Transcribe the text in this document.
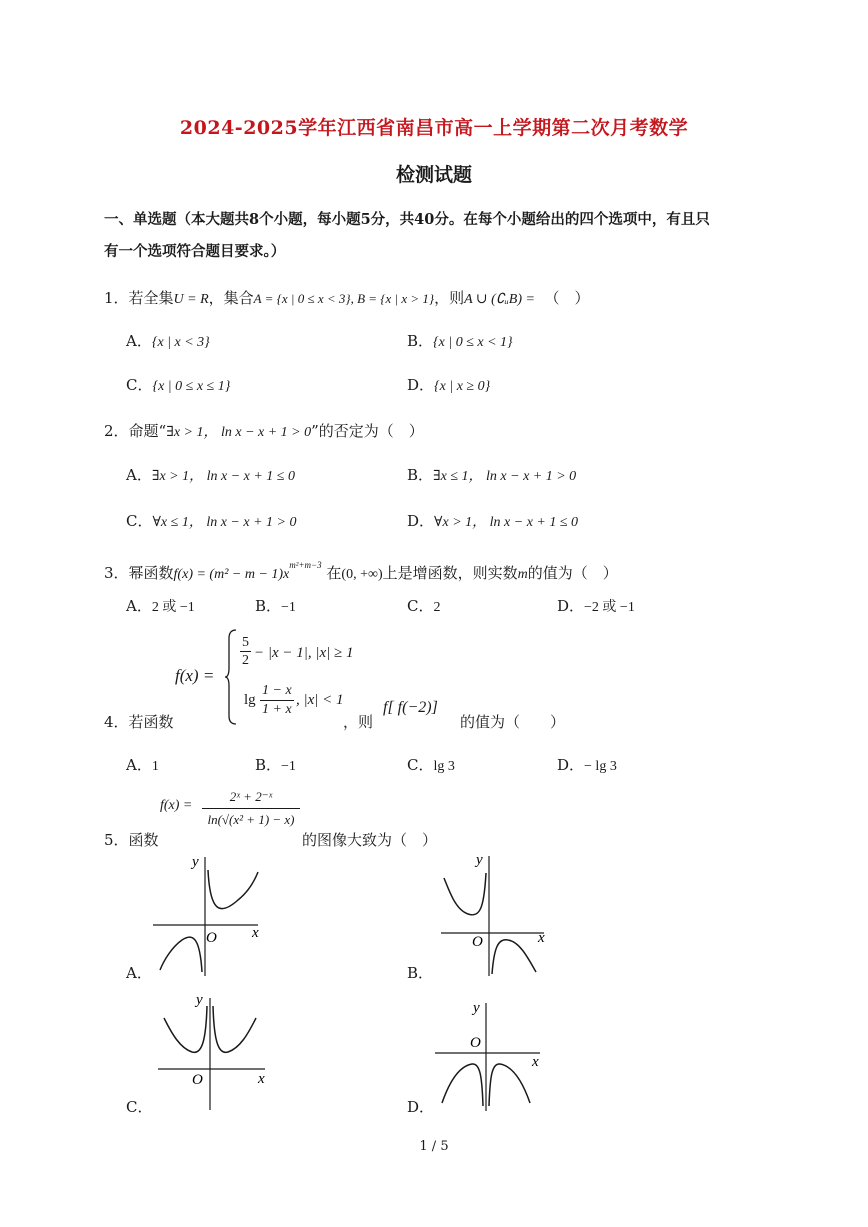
2024-2025学年江西省南昌市高一上学期第二次月考数学
检测试题
一、单选题（本大题共8个小题，每小题5分，共40分。在每个小题给出的四个选项中，有且只
有一个选项符合题目要求。）
1．若全集U = R，集合A = {x | 0 ≤ x < 3}, B = {x | x > 1}，则A ∪ (∁ᵤB) = （　）
A．{x | x < 3}	B．{x | 0 ≤ x < 1}
C．{x | 0 ≤ x ≤ 1}	D．{x | x ≥ 0}
2．命题“∃x > 1， ln x − x + 1 > 0”的否定为（　）
A．∃x > 1， ln x − x + 1 ≤ 0	B．∃x ≤ 1， ln x − x + 1 > 0
C．∀x ≤ 1， ln x − x + 1 > 0	D．∀x > 1， ln x − x + 1 ≤ 0
3．幂函数$f(x) = (m^2 - m - 1)x^{m^2+m-3}$ 在(0, +∞)上是增函数，则实数m的值为（　）
A．2 或 −1	B．−1	C．2	D．−2 或 −1
f(x) =
$\frac{5}{2} - |x - 1|$, |x| ≥ 1
$\lg \frac{1 - x}{1 + x}$ , |x| < 1
4．若函数	，则
f[ f(−2)]
的值为（　　）
A．1	B．−1	C．lg 3	D．− lg 3
$f(x) = \frac{\text{2ˣ + 2⁻ˣ}}{\text{ln(√(x² + 1) − x)}}$
5．函数	的图像大致为（　）
y
x
O
A．
y
x
O
B．
y
x
O
C．
y
x
O
D．
1 / 5
